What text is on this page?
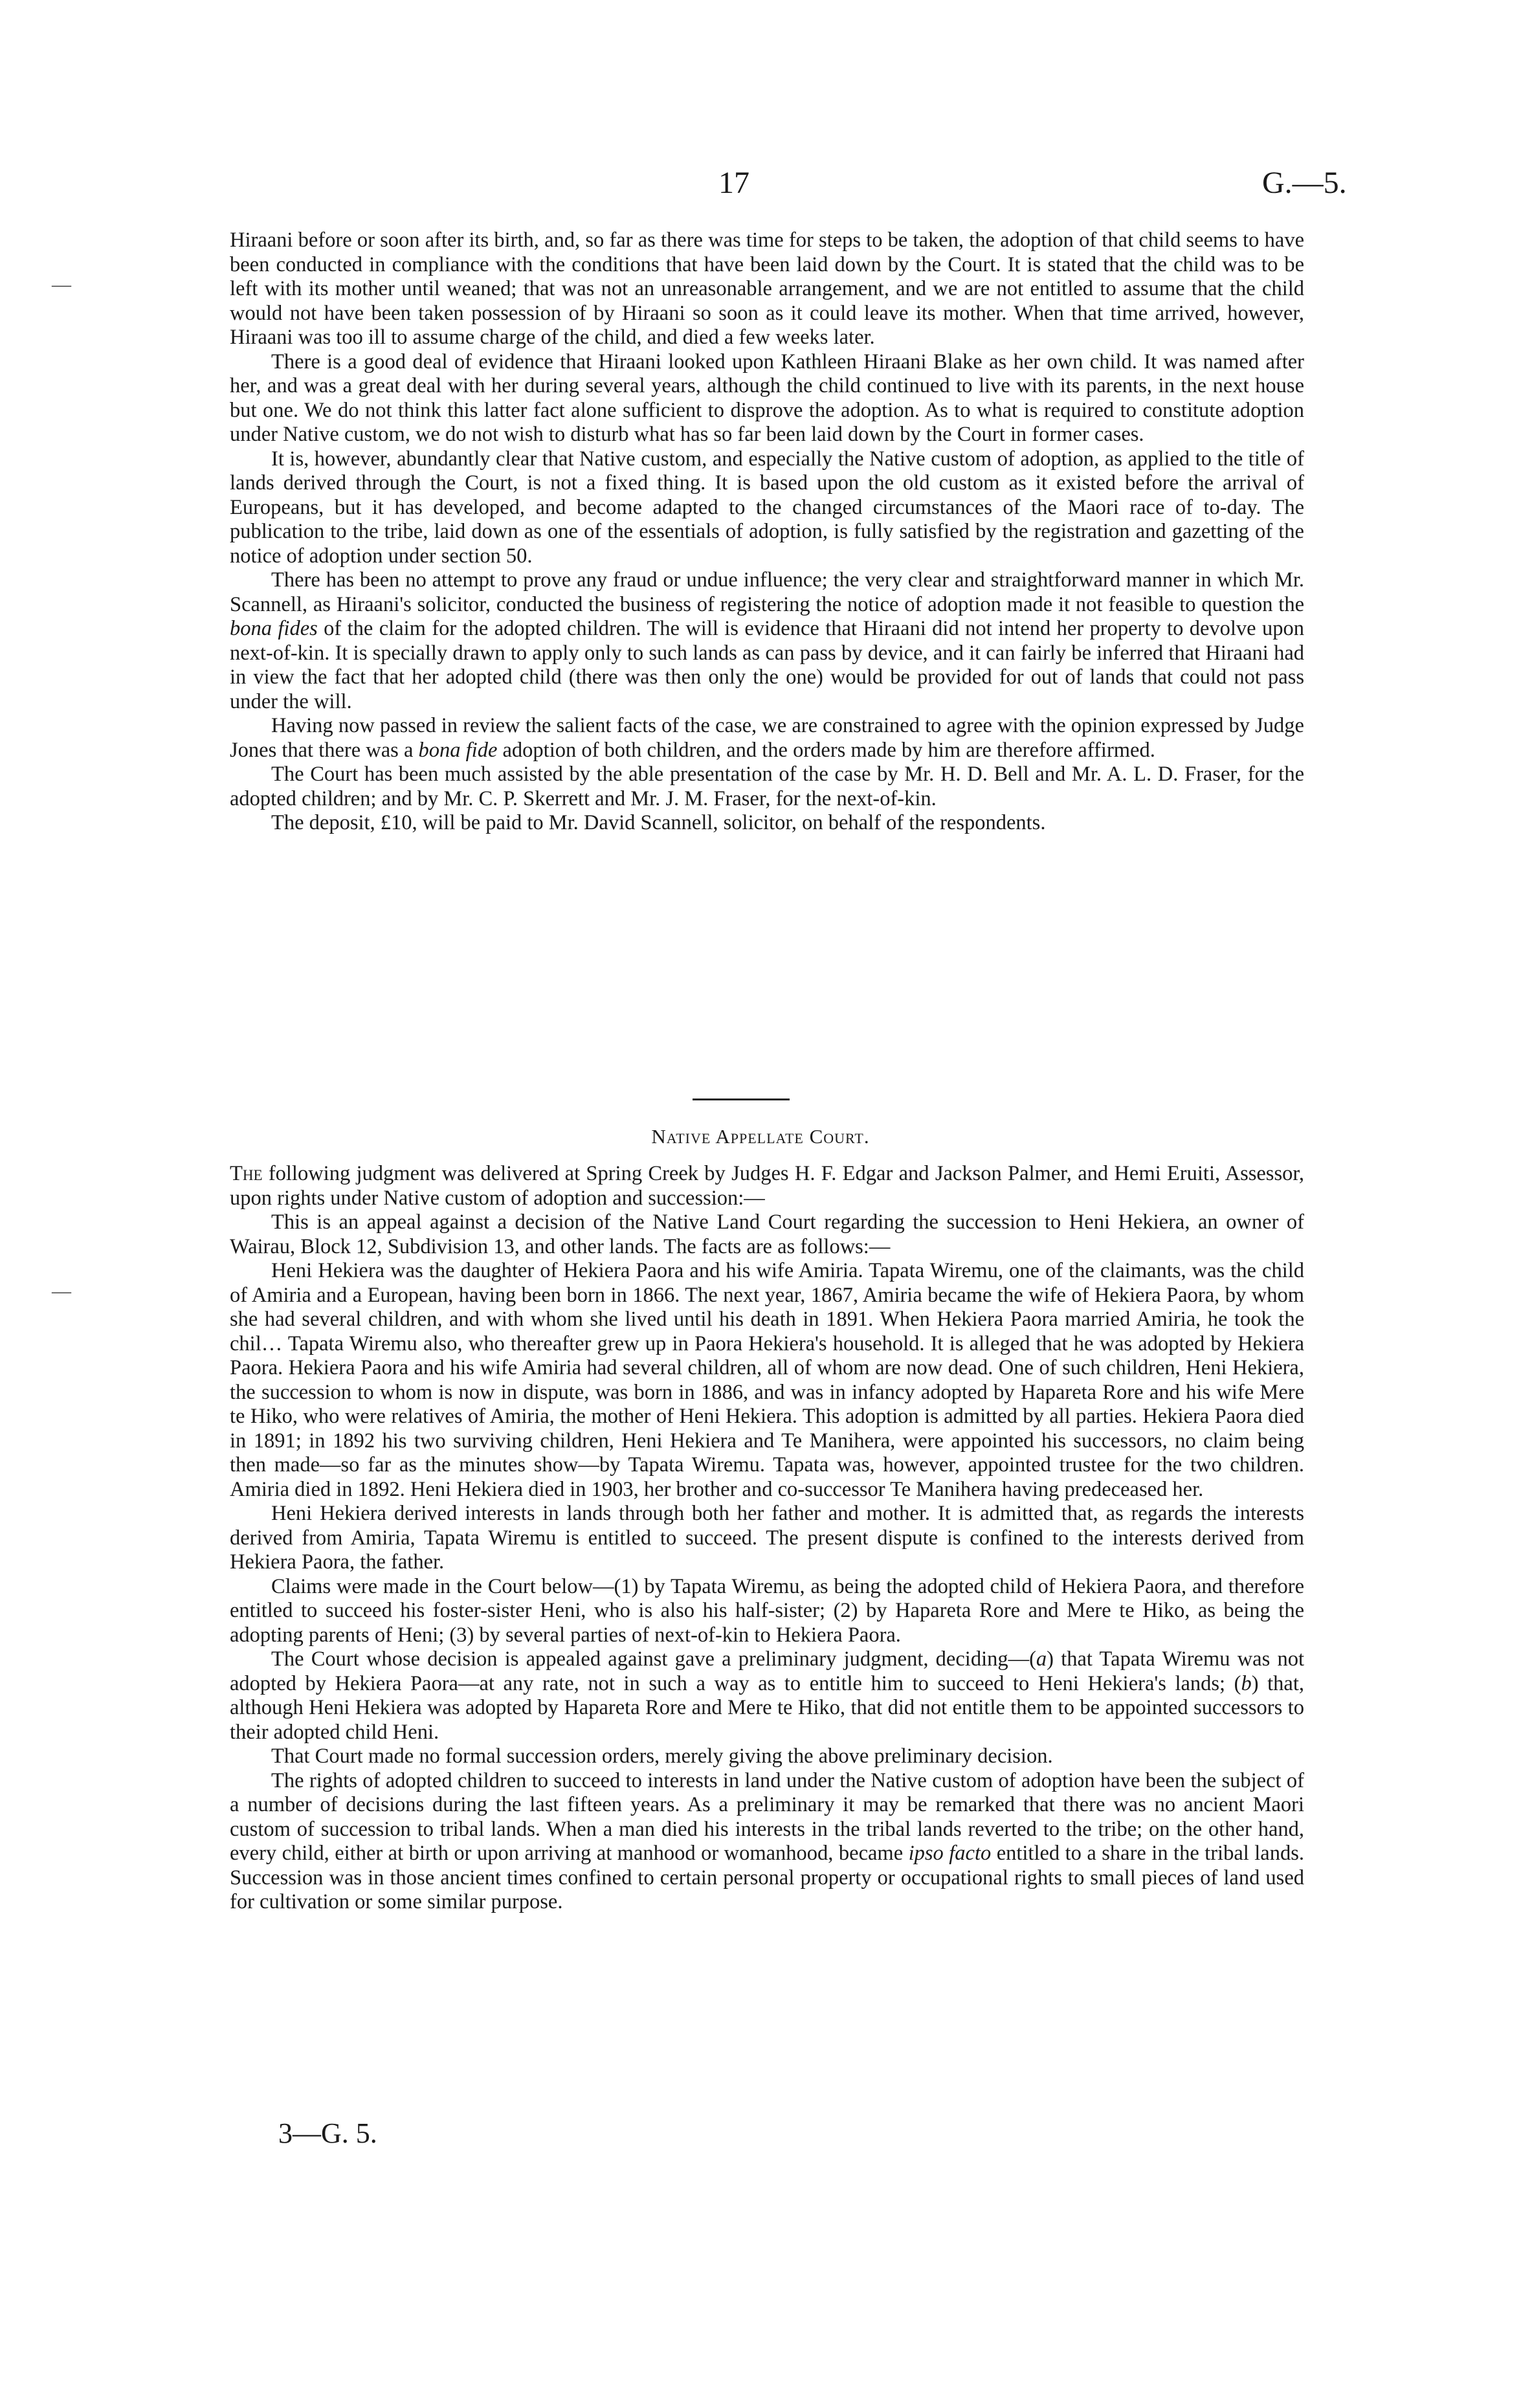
17	G.—5.
—

Hiraani before or soon after its birth, and, so far as there was time for steps to be taken, the adoption of that child seems to have been conducted in compliance with the conditions that have been laid down by the Court. It is stated that the child was to be left with its mother until weaned; that was not an unreasonable arrangement, and we are not entitled to assume that the child would not have been taken possession of by Hiraani so soon as it could leave its mother. When that time arrived, however, Hiraani was too ill to assume charge of the child, and died a few weeks later.

There is a good deal of evidence that Hiraani looked upon Kathleen Hiraani Blake as her own child. It was named after her, and was a great deal with her during several years, although the child continued to live with its parents, in the next house but one. We do not think this latter fact alone sufficient to disprove the adoption. As to what is required to constitute adoption under Native custom, we do not wish to disturb what has so far been laid down by the Court in former cases.

It is, however, abundantly clear that Native custom, and especially the Native custom of adoption, as applied to the title of lands derived through the Court, is not a fixed thing. It is based upon the old custom as it existed before the arrival of Europeans, but it has developed, and become adapted to the changed circumstances of the Maori race of to-day. The publication to the tribe, laid down as one of the essentials of adoption, is fully satisfied by the registration and gazetting of the notice of adoption under section 50.

There has been no attempt to prove any fraud or undue influence; the very clear and straightforward manner in which Mr. Scannell, as Hiraani's solicitor, conducted the business of registering the notice of adoption made it not feasible to question the bona fides of the claim for the adopted children. The will is evidence that Hiraani did not intend her property to devolve upon next-of-kin. It is specially drawn to apply only to such lands as can pass by device, and it can fairly be inferred that Hiraani had in view the fact that her adopted child (there was then only the one) would be provided for out of lands that could not pass under the will.

Having now passed in review the salient facts of the case, we are constrained to agree with the opinion expressed by Judge Jones that there was a bona fide adoption of both children, and the orders made by him are therefore affirmed.

The Court has been much assisted by the able presentation of the case by Mr. H. D. Bell and Mr. A. L. D. Fraser, for the adopted children; and by Mr. C. P. Skerrett and Mr. J. M. Fraser, for the next-of-kin.

The deposit, £10, will be paid to Mr. David Scannell, solicitor, on behalf of the respondents.

Native Appellate Court.
—

The following judgment was delivered at Spring Creek by Judges H. F. Edgar and Jackson Palmer, and Hemi Eruiti, Assessor, upon rights under Native custom of adoption and succession:—

This is an appeal against a decision of the Native Land Court regarding the succession to Heni Hekiera, an owner of Wairau, Block 12, Subdivision 13, and other lands. The facts are as follows:—

Heni Hekiera was the daughter of Hekiera Paora and his wife Amiria. Tapata Wiremu, one of the claimants, was the child of Amiria and a European, having been born in 1866. The next year, 1867, Amiria became the wife of Hekiera Paora, by whom she had several children, and with whom she lived until his death in 1891. When Hekiera Paora married Amiria, he took the chil… Tapata Wiremu also, who thereafter grew up in Paora Hekiera's household. It is alleged that he was adopted by Hekiera Paora. Hekiera Paora and his wife Amiria had several children, all of whom are now dead. One of such children, Heni Hekiera, the succession to whom is now in dispute, was born in 1886, and was in infancy adopted by Hapareta Rore and his wife Mere te Hiko, who were relatives of Amiria, the mother of Heni Hekiera. This adoption is admitted by all parties. Hekiera Paora died in 1891; in 1892 his two surviving children, Heni Hekiera and Te Manihera, were appointed his successors, no claim being then made—so far as the minutes show—by Tapata Wiremu. Tapata was, however, appointed trustee for the two children. Amiria died in 1892. Heni Hekiera died in 1903, her brother and co-successor Te Manihera having predeceased her.

Heni Hekiera derived interests in lands through both her father and mother. It is admitted that, as regards the interests derived from Amiria, Tapata Wiremu is entitled to succeed. The present dispute is confined to the interests derived from Hekiera Paora, the father.

Claims were made in the Court below—(1) by Tapata Wiremu, as being the adopted child of Hekiera Paora, and therefore entitled to succeed his foster-sister Heni, who is also his half-sister; (2) by Hapareta Rore and Mere te Hiko, as being the adopting parents of Heni; (3) by several parties of next-of-kin to Hekiera Paora.

The Court whose decision is appealed against gave a preliminary judgment, deciding—(a) that Tapata Wiremu was not adopted by Hekiera Paora—at any rate, not in such a way as to entitle him to succeed to Heni Hekiera's lands; (b) that, although Heni Hekiera was adopted by Hapareta Rore and Mere te Hiko, that did not entitle them to be appointed successors to their adopted child Heni.

That Court made no formal succession orders, merely giving the above preliminary decision.

The rights of adopted children to succeed to interests in land under the Native custom of adoption have been the subject of a number of decisions during the last fifteen years. As a preliminary it may be remarked that there was no ancient Maori custom of succession to tribal lands. When a man died his interests in the tribal lands reverted to the tribe; on the other hand, every child, either at birth or upon arriving at manhood or womanhood, became ipso facto entitled to a share in the tribal lands. Succession was in those ancient times confined to certain personal property or occupational rights to small pieces of land used for cultivation or some similar purpose.

3—G. 5.
